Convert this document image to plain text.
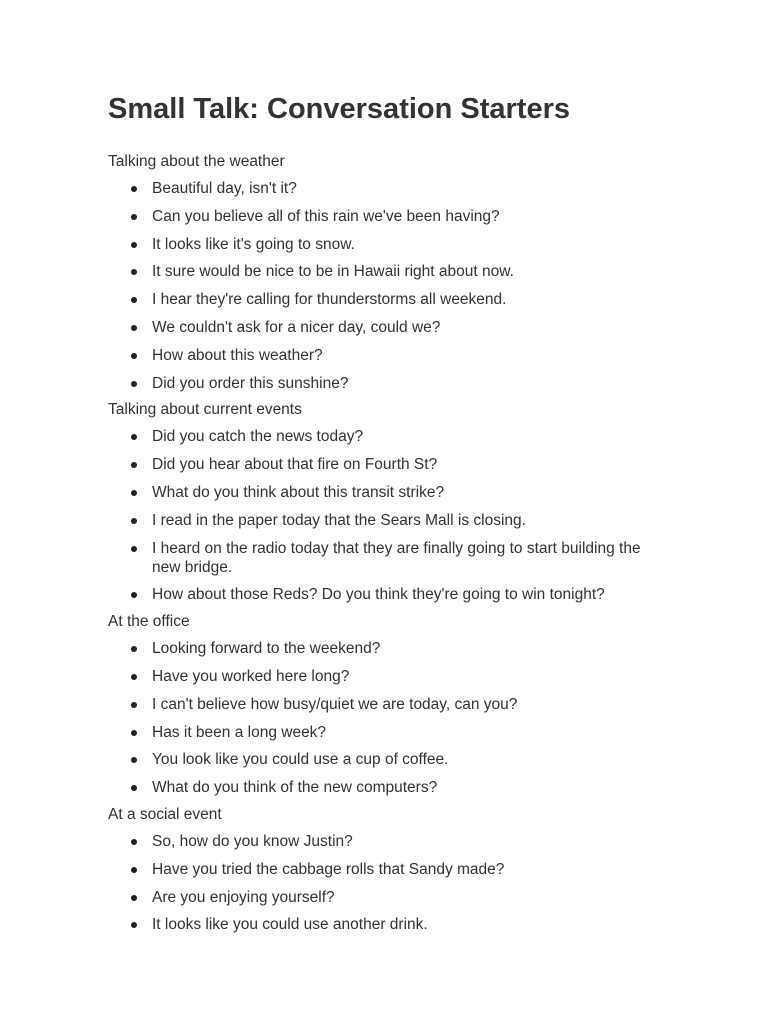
Small Talk: Conversation Starters
Talking about the weather
Beautiful day, isn't it?
Can you believe all of this rain we've been having?
It looks like it's going to snow.
It sure would be nice to be in Hawaii right about now.
I hear they're calling for thunderstorms all weekend.
We couldn't ask for a nicer day, could we?
How about this weather?
Did you order this sunshine?
Talking about current events
Did you catch the news today?
Did you hear about that fire on Fourth St?
What do you think about this transit strike?
I read in the paper today that the Sears Mall is closing.
I heard on the radio today that they are finally going to start building the new bridge.
How about those Reds? Do you think they're going to win tonight?
At the office
Looking forward to the weekend?
Have you worked here long?
I can't believe how busy/quiet we are today, can you?
Has it been a long week?
You look like you could use a cup of coffee.
What do you think of the new computers?
At a social event
So, how do you know Justin?
Have you tried the cabbage rolls that Sandy made?
Are you enjoying yourself?
It looks like you could use another drink.
